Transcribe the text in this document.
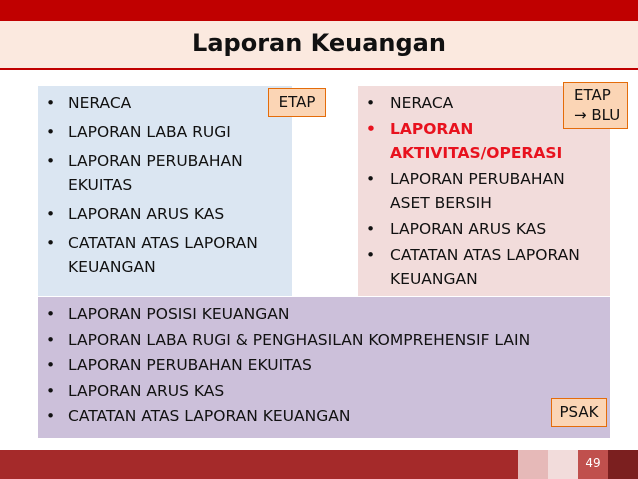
Laporan Keuangan
• NERACA
• LAPORAN LABA RUGI
• LAPORAN PERUBAHAN EKUITAS
• LAPORAN ARUS KAS
• CATATAN ATAS LAPORAN KEUANGAN
ETAP
•	NERACA
• LAPORAN AKTIVITAS/OPERASI
• LAPORAN PERUBAHAN ASET BERSIH
• LAPORAN ARUS KAS
• CATATAN ATAS LAPORAN KEUANGAN
ETAP
→ BLU
• LAPORAN POSISI KEUANGAN
• LAPORAN LABA RUGI & PENGHASILAN KOMPREHENSIF LAIN
• LAPORAN PERUBAHAN EKUITAS
• LAPORAN ARUS KAS
• CATATAN ATAS LAPORAN KEUANGAN	PSAK
49
